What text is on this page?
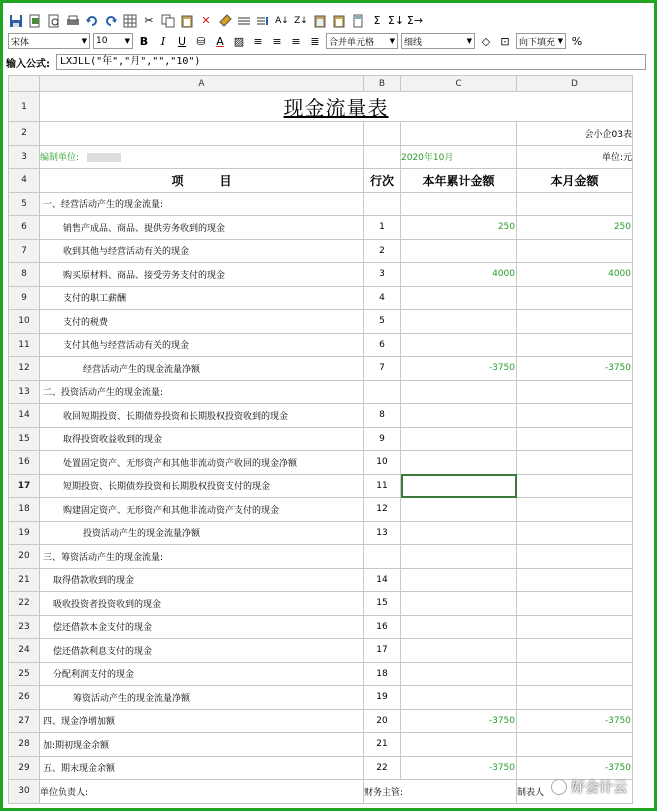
✂	✕	A↓ Z↓	Σ Σ↓ Σ→
宋体	▼ 10 ▼ B	I	U ⛁ A ▨ ≡ ≡ ≡ ≣	合并单元格 ▼ 细线	▼ ◇ ⊡	向下填充 ▼ %
输入公式:	LXJLL("年","月","","10")
	A	B	C	D
1	现金流量表			
2				会小企03表
3	编制单位:		2020年10月	单位:元
4	项　　　目	行次	本年累计金额	本月金额
5	一、经营活动产生的现金流量:			
6	销售产成品、商品、提供劳务收到的现金	1	250	250
7	收到其他与经营活动有关的现金	2		
8	购买原材料、商品、接受劳务支付的现金	3	4000	4000
9	支付的职工薪酬	4		
10	支付的税费	5		
11	支付其他与经营活动有关的现金	6		
12	经营活动产生的现金流量净额	7	-3750	-3750
13	二、投资活动产生的现金流量:			
14	收回短期投资、长期债券投资和长期股权投资收到的现金	8		
15	取得投资收益收到的现金	9		
16	处置固定资产、无形资产和其他非流动资产收回的现金净额	10		
17	短期投资、长期债券投资和长期股权投资支付的现金	11		
18	购建固定资产、无形资产和其他非流动资产支付的现金	12		
19	投资活动产生的现金流量净额	13		
20	三、筹资活动产生的现金流量:			
21	取得借款收到的现金	14		
22	吸收投资者投资收到的现金	15		
23	偿还借款本金支付的现金	16		
24	偿还借款利息支付的现金	17		
25	分配利润支付的现金	18		
26	筹资活动产生的现金流量净额	19		
27	四、现金净增加额	20	-3750	-3750
28	加:期初现金余额	21		
29	五、期末现金余额	22	-3750	-3750
30	单位负责人:	财务主管:		制表人 好会计云
